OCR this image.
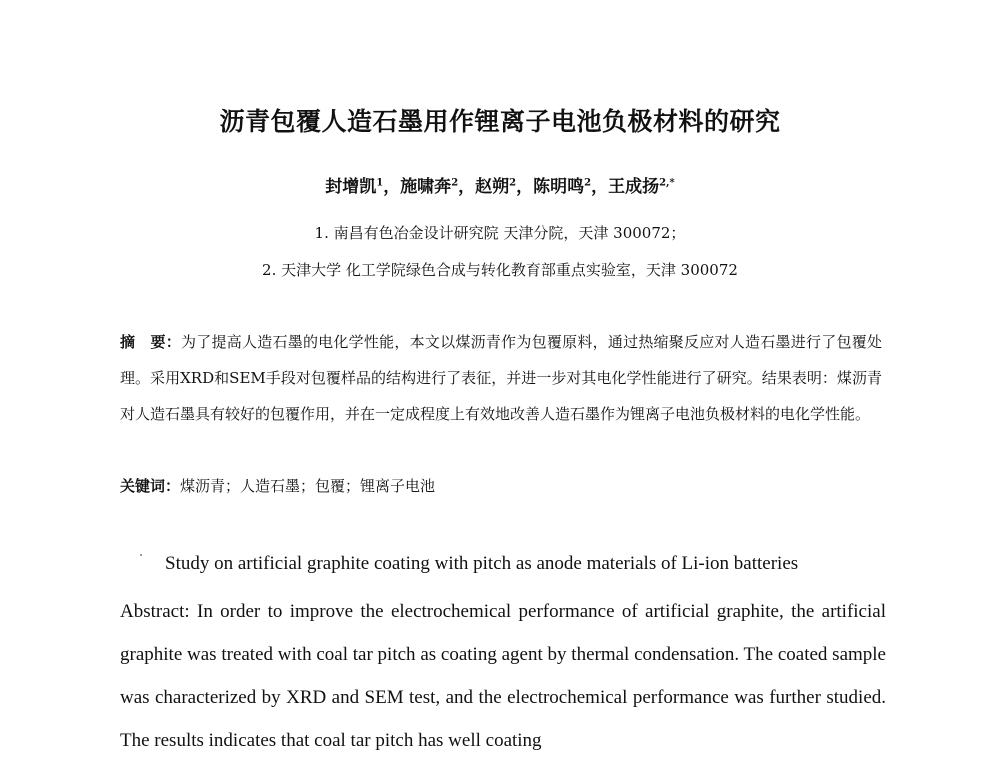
沥青包覆人造石墨用作锂离子电池负极材料的研究
封增凯$^1$，施啸奔$^2$，赵朔$^2$，陈明鸣$^2$，王成扬$^{2,*}$
1. 南昌有色冶金设计研究院 天津分院，天津 300072；
2. 天津大学 化工学院绿色合成与转化教育部重点实验室，天津 300072
摘　要：为了提高人造石墨的电化学性能，本文以煤沥青作为包覆原料，通过热缩聚反应对人造石墨进行了包覆处理。采用XRD和SEM手段对包覆样品的结构进行了表征，并进一步对其电化学性能进行了研究。结果表明：煤沥青对人造石墨具有较好的包覆作用，并在一定成程度上有效地改善人造石墨作为锂离子电池负极材料的电化学性能。
关键词：煤沥青；人造石墨；包覆；锂离子电池
Study on artificial graphite coating with pitch as anode materials of Li-ion batteries
Abstract: In order to improve the electrochemical performance of artificial graphite, the artificial graphite was treated with coal tar pitch as coating agent by thermal condensation. The coated sample was characterized by XRD and SEM test, and the electrochemical performance was further studied. The results indicates that coal tar pitch has well coating
